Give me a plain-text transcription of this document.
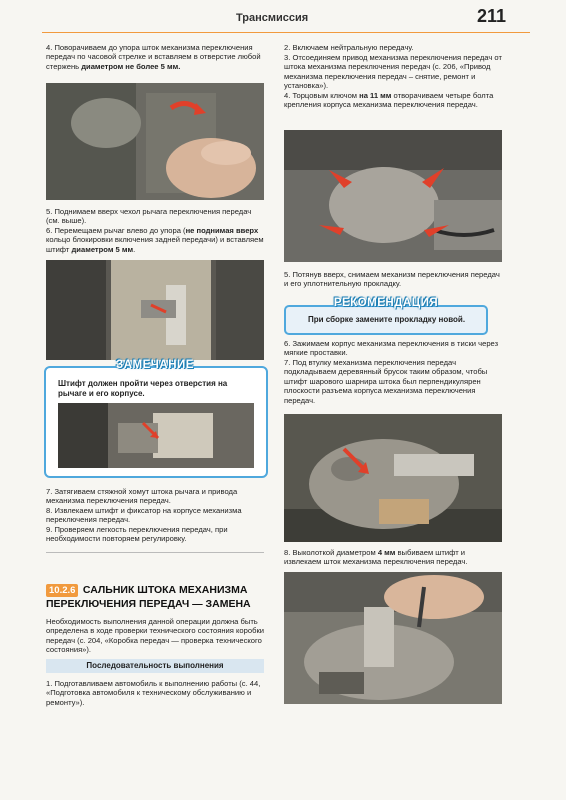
Трансмиссия	211

4. Поворачиваем до упора шток механизма переключения передач по часовой стрелке и вставляем в отверстие любой стержень диаметром не более 5 мм.

5. Поднимаем вверх чехол рычага переключения передач (см. выше).

6. Перемещаем рычаг влево до упора (не поднимая вверх кольцо блокировки включения задней передачи) и вставляем штифт диаметром 5 мм.

ЗАМЕЧАНИЕ
Штифт должен пройти через отверстия на рычаге и его корпусе.

7. Затягиваем стяжной хомут штока рычага и привода механизма переключения передач.

8. Извлекаем штифт и фиксатор на корпусе механизма переключения передач.

9. Проверяем легкость переключения передач, при необходимости повторяем регулировку.

10.2.6 САЛЬНИК ШТОКА МЕХАНИЗМА
ПЕРЕКЛЮЧЕНИЯ ПЕРЕДАЧ — ЗАМЕНА

Необходимость выполнения данной операции должна быть определена в ходе проверки технического состояния коробки передач (с. 204, «Коробка передач — проверка технического состояния»).

Последовательность выполнения

1. Подготавливаем автомобиль к выполнению работы (с. 44, «Подготовка автомобиля к техническому обслуживанию и ремонту»).

2. Включаем нейтральную передачу.

3. Отсоединяем привод механизма переключения передач от штока механизма переключения передач (с. 206, «Привод механизма переключения передач – снятие, ремонт и установка»).

4. Торцовым ключом на 11 мм отворачиваем четыре болта крепления корпуса механизма переключения передач.

5. Потянув вверх, снимаем механизм переключения передач и его уплотнительную прокладку.

РЕКОМЕНДАЦИЯ
При сборке замените прокладку новой.

6. Зажимаем корпус механизма переключения в тиски через мягкие проставки.

7. Под втулку механизма переключения передач подкладываем деревянный брусок таким образом, чтобы штифт шарового шарнира штока был перпендикулярен плоскости разъема корпуса механизма переключения передач.

8. Выколоткой диаметром 4 мм выбиваем штифт и извлекаем шток механизма переключения передач.
